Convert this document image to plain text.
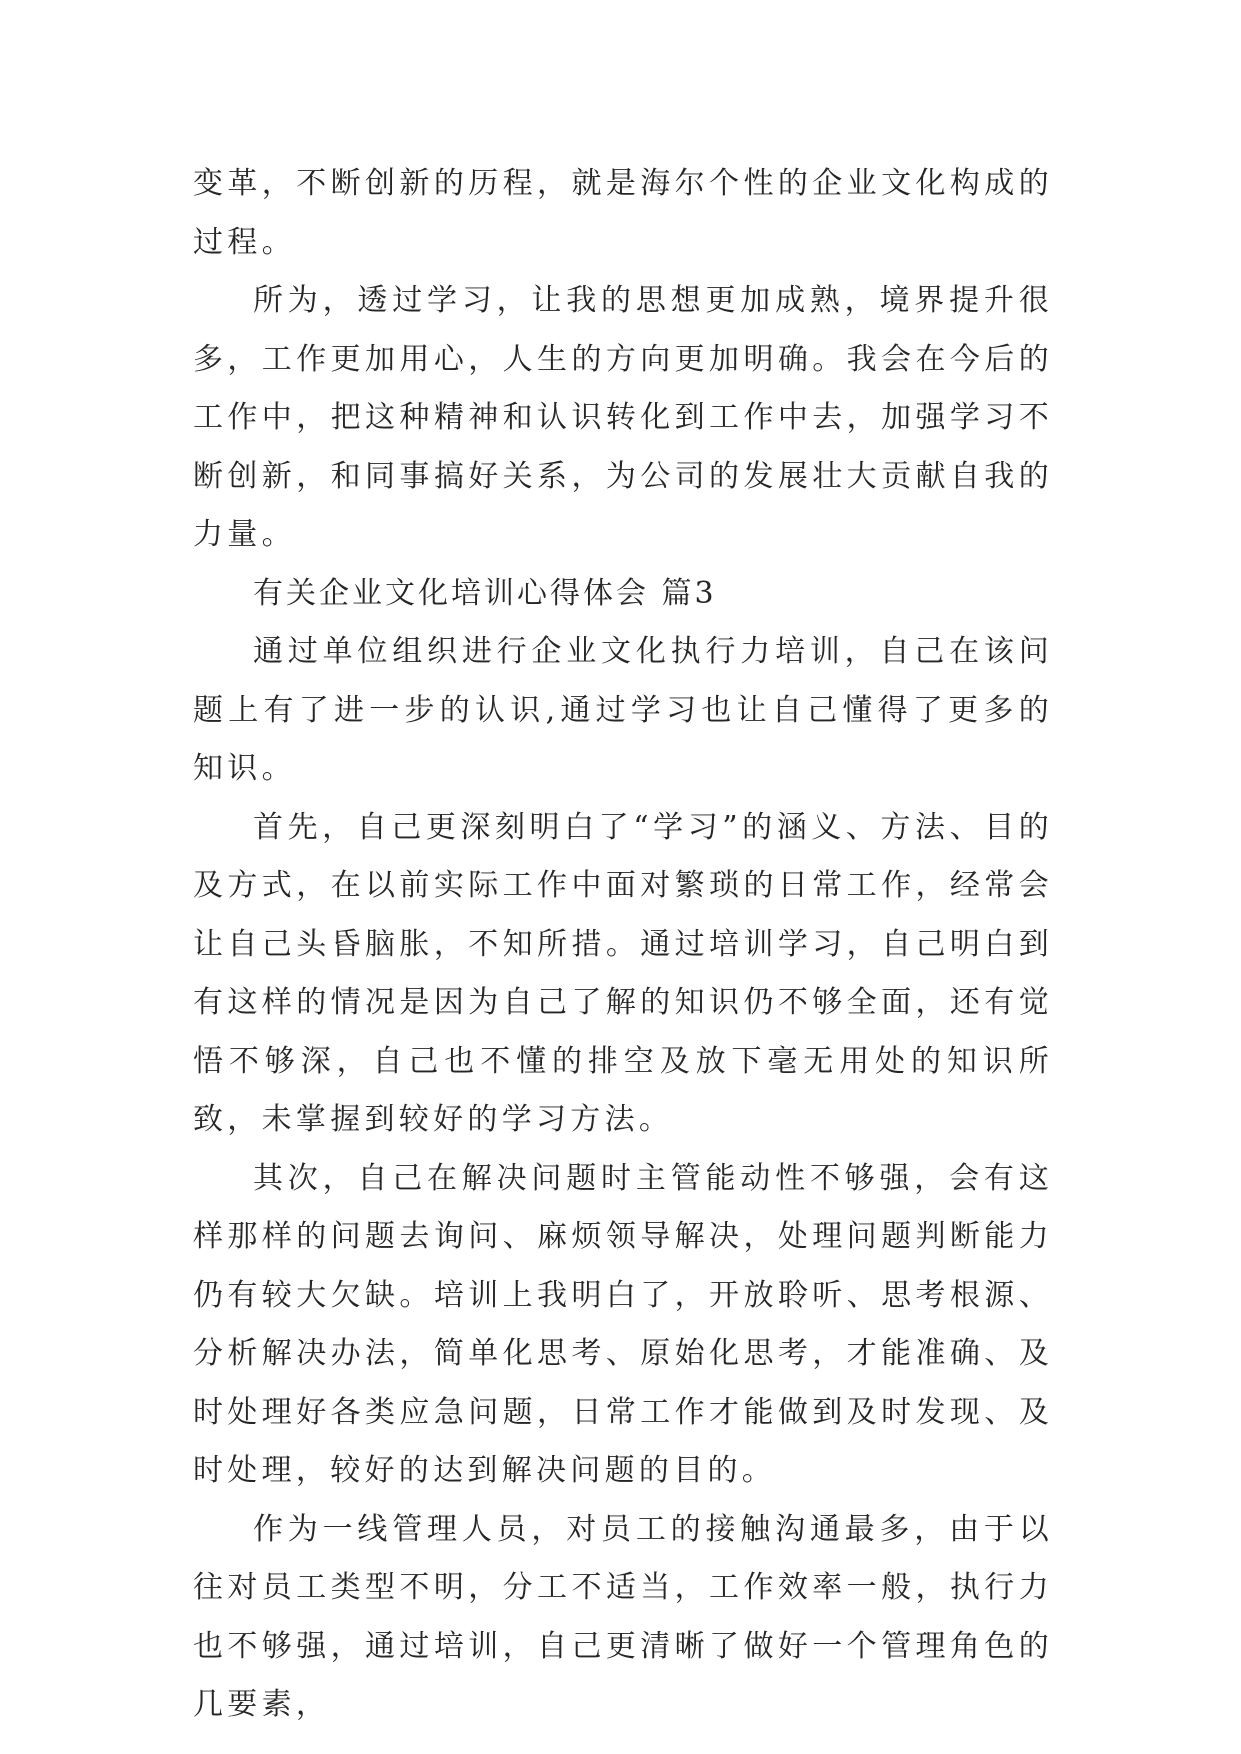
变革，不断创新的历程，就是海尔个性的企业文化构成的过程。

所为，透过学习，让我的思想更加成熟，境界提升很多，工作更加用心，人生的方向更加明确。我会在今后的工作中，把这种精神和认识转化到工作中去，加强学习不断创新，和同事搞好关系，为公司的发展壮大贡献自我的力量。

有关企业文化培训心得体会 篇3

通过单位组织进行企业文化执行力培训，自己在该问题上有了进一步的认识,通过学习也让自己懂得了更多的知识。

首先，自己更深刻明白了“学习”的涵义、方法、目的及方式，在以前实际工作中面对繁琐的日常工作，经常会让自己头昏脑胀，不知所措。通过培训学习，自己明白到有这样的情况是因为自己了解的知识仍不够全面，还有觉悟不够深，自己也不懂的排空及放下毫无用处的知识所致，未掌握到较好的学习方法。

其次，自己在解决问题时主管能动性不够强，会有这样那样的问题去询问、麻烦领导解决，处理问题判断能力仍有较大欠缺。培训上我明白了，开放聆听、思考根源、分析解决办法，简单化思考、原始化思考，才能准确、及时处理好各类应急问题，日常工作才能做到及时发现、及时处理，较好的达到解决问题的目的。

作为一线管理人员，对员工的接触沟通最多，由于以往对员工类型不明，分工不适当，工作效率一般，执行力也不够强，通过培训，自己更清晰了做好一个管理角色的几要素，
